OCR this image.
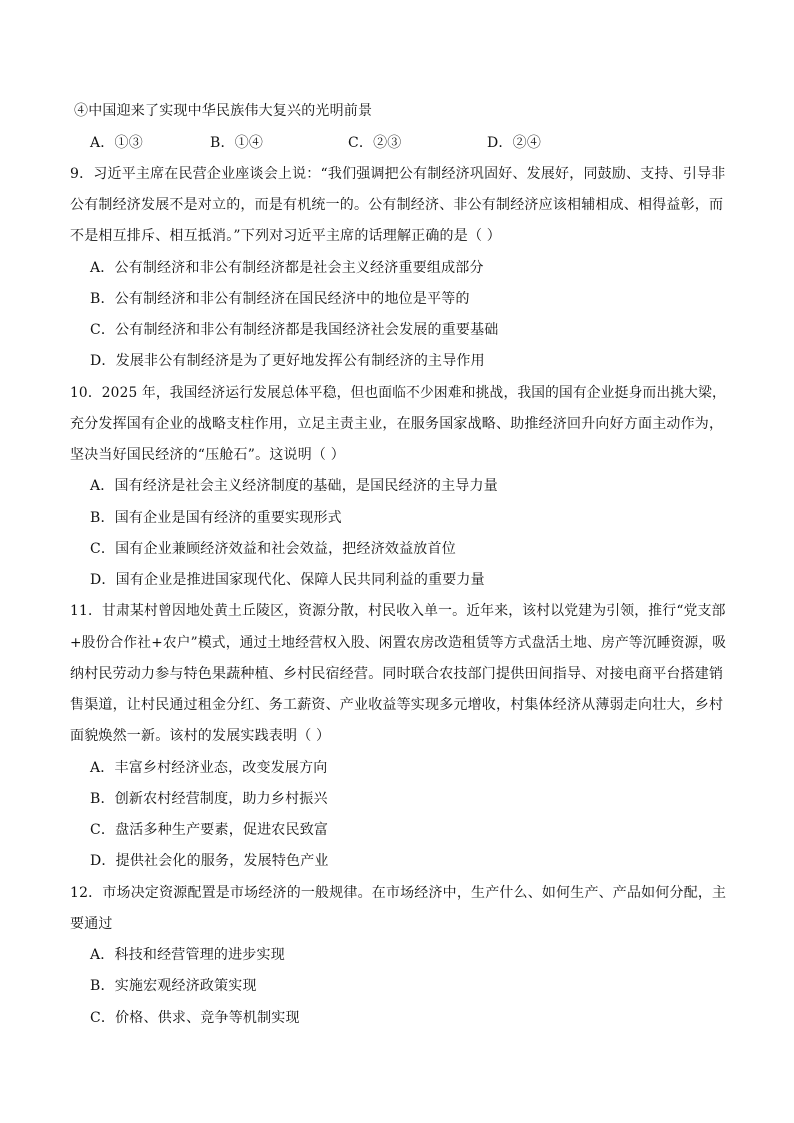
④中国迎来了实现中华民族伟大复兴的光明前景
A．①③	B．①④	C．②③	D．②④
9．习近平主席在民营企业座谈会上说：“我们强调把公有制经济巩固好、发展好，同鼓励、支持、引导非
公有制经济发展不是对立的，而是有机统一的。公有制经济、非公有制经济应该相辅相成、相得益彰，而
不是相互排斥、相互抵消。”下列对习近平主席的话理解正确的是（ ）
A．公有制经济和非公有制经济都是社会主义经济重要组成部分
B．公有制经济和非公有制经济在国民经济中的地位是平等的
C．公有制经济和非公有制经济都是我国经济社会发展的重要基础
D．发展非公有制经济是为了更好地发挥公有制经济的主导作用
10．2025 年，我国经济运行发展总体平稳，但也面临不少困难和挑战，我国的国有企业挺身而出挑大梁，
充分发挥国有企业的战略支柱作用，立足主责主业，在服务国家战略、助推经济回升向好方面主动作为，
坚决当好国民经济的“压舱石”。这说明（ ）
A．国有经济是社会主义经济制度的基础，是国民经济的主导力量
B．国有企业是国有经济的重要实现形式
C．国有企业兼顾经济效益和社会效益，把经济效益放首位
D．国有企业是推进国家现代化、保障人民共同利益的重要力量
11．甘肃某村曾因地处黄土丘陵区，资源分散，村民收入单一。近年来，该村以党建为引领，推行“党支部
+股份合作社+农户”模式，通过土地经营权入股、闲置农房改造租赁等方式盘活土地、房产等沉睡资源，吸
纳村民劳动力参与特色果蔬种植、乡村民宿经营。同时联合农技部门提供田间指导、对接电商平台搭建销
售渠道，让村民通过租金分红、务工薪资、产业收益等实现多元增收，村集体经济从薄弱走向壮大，乡村
面貌焕然一新。该村的发展实践表明（ ）
A．丰富乡村经济业态，改变发展方向
B．创新农村经营制度，助力乡村振兴
C．盘活多种生产要素，促进农民致富
D．提供社会化的服务，发展特色产业
12．市场决定资源配置是市场经济的一般规律。在市场经济中，生产什么、如何生产、产品如何分配，主
要通过
A．科技和经营管理的进步实现
B．实施宏观经济政策实现
C．价格、供求、竞争等机制实现
